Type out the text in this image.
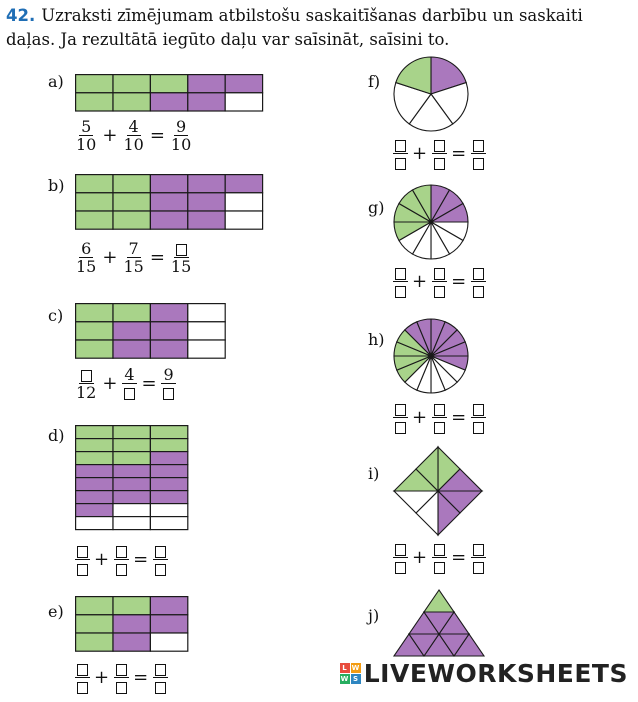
42. Uzraksti zīmējumam atbilstošu saskaitīšanas darbību un saskaiti daļas. Ja rezultātā iegūto daļu var saīsināt, saīsini to.
a)
b)
c)
d)
e)
f)
g)
h)
i)
j)
$\frac{5}{10} + \frac{4}{10} = \frac{9}{10}$
$\frac{6}{15} + \frac{7}{15} = 15$
12 + 4 = 9
+ =
+ =
+ =
+ =
+ =
+ =
L W
W S LIVEWORKSHEETS
